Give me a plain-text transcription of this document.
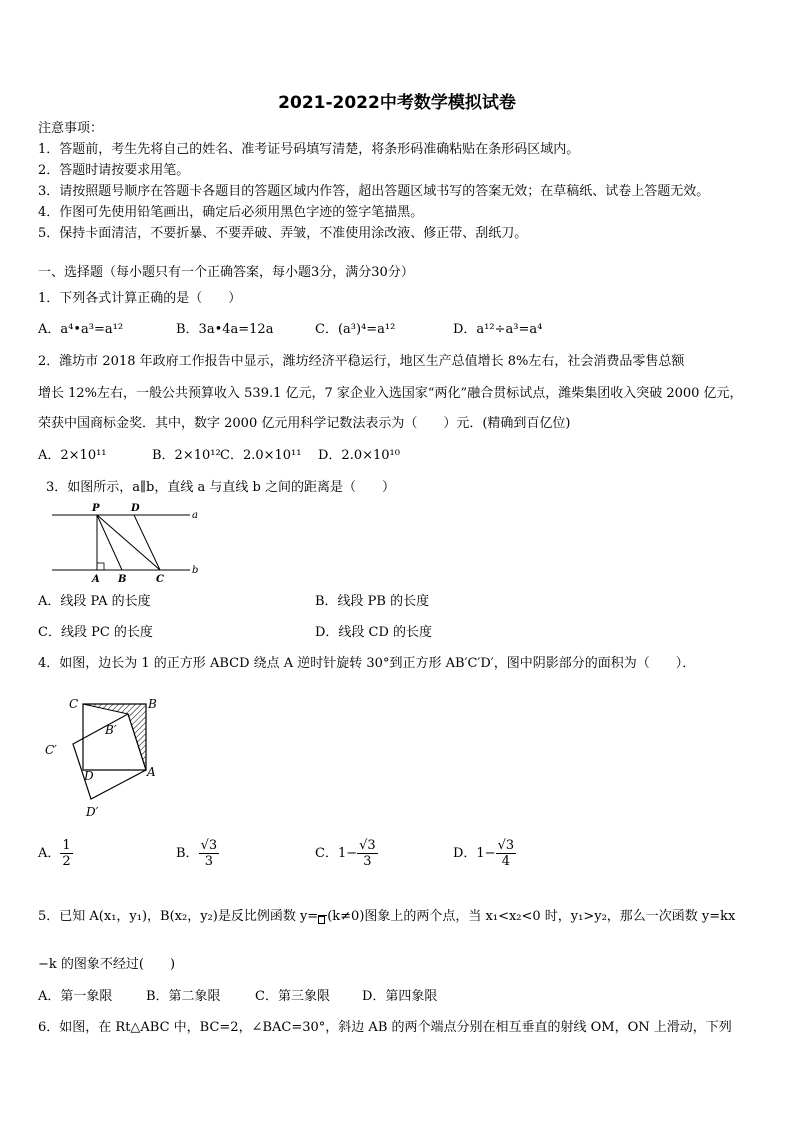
2021-2022中考数学模拟试卷
注意事项：
1．答题前，考生先将自己的姓名、准考证号码填写清楚，将条形码准确粘贴在条形码区域内。
2．答题时请按要求用笔。
3．请按照题号顺序在答题卡各题目的答题区域内作答，超出答题区域书写的答案无效；在草稿纸、试卷上答题无效。
4．作图可先使用铅笔画出，确定后必须用黑色字迹的签字笔描黑。
5．保持卡面清洁，不要折暴、不要弄破、弄皱，不准使用涂改液、修正带、刮纸刀。
一、选择题（每小题只有一个正确答案，每小题3分，满分30分）
1．下列各式计算正确的是（　　）
A．a⁴•a³=a¹²	B．3a•4a=12a	C．(a³)⁴=a¹²	D．a¹²÷a³=a⁴
2．潍坊市 2018 年政府工作报告中显示，潍坊经济平稳运行，地区生产总值增长 8%左右，社会消费品零售总额
增长 12%左右，一般公共预算收入 539.1 亿元，7 家企业入选国家“两化”融合贯标试点，潍柴集团收入突破 2000 亿元，
荣获中国商标金奖．其中，数字 2000 亿元用科学记数法表示为（　　）元．(精确到百亿位)
A．2×10¹¹	B．2×10¹² C．2.0×10¹¹ D．2.0×10¹⁰
3．如图所示，a∥b，直线 a 与直线 b 之间的距离是（　　）
P	D
a
A B	C
b
A．线段 PA 的长度	B．线段 PB 的长度
C．线段 PC 的长度	D．线段 CD 的长度
4．如图，边长为 1 的正方形 ABCD 绕点 A 逆时针旋转 30°到正方形 AB′C′D′，图中阴影部分的面积为（　　）．
C	B
B′
C′
D	A
D′
A． $\frac{1}{2}$	B． $\frac{√3}{3}$	C．$1- \frac{√3}{3}$	D．$1- \frac{√3}{4}$
5．已知 A(x₁，y₁)，B(x₂，y₂)是反比例函数 y= (k≠0)图象上的两个点，当 x₁<x₂<0 时，y₁>y₂，那么一次函数 y=kx
−k 的图象不经过(　　)
A．第一象限	B．第二象限	C．第三象限 D．第四象限
6．如图，在 Rt△ABC 中，BC=2，∠BAC=30°，斜边 AB 的两个端点分别在相互垂直的射线 OM，ON 上滑动，下列
